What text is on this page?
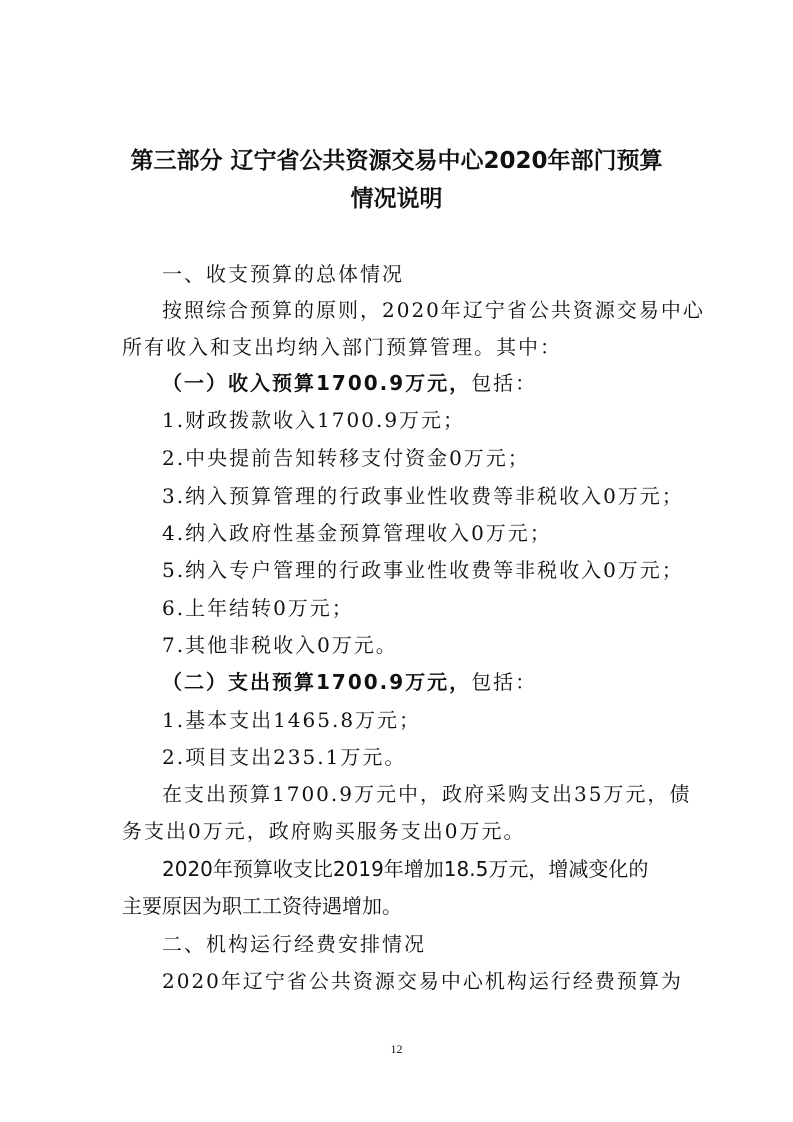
第三部分 辽宁省公共资源交易中心2020年部门预算
情况说明
一、收支预算的总体情况
按照综合预算的原则，2020年辽宁省公共资源交易中心
所有收入和支出均纳入部门预算管理。其中：
（一）收入预算1700.9万元，包括：
1.财政拨款收入1700.9万元；
2.中央提前告知转移支付资金0万元；
3.纳入预算管理的行政事业性收费等非税收入0万元；
4.纳入政府性基金预算管理收入0万元；
5.纳入专户管理的行政事业性收费等非税收入0万元；
6.上年结转0万元；
7.其他非税收入0万元。
（二）支出预算1700.9万元，包括：
1.基本支出1465.8万元；
2.项目支出235.1万元。
在支出预算1700.9万元中，政府采购支出35万元，债
务支出0万元，政府购买服务支出0万元。
2020年预算收支比2019年增加18.5万元，增减变化的
主要原因为职工工资待遇增加。
二、机构运行经费安排情况
2020年辽宁省公共资源交易中心机构运行经费预算为
12
